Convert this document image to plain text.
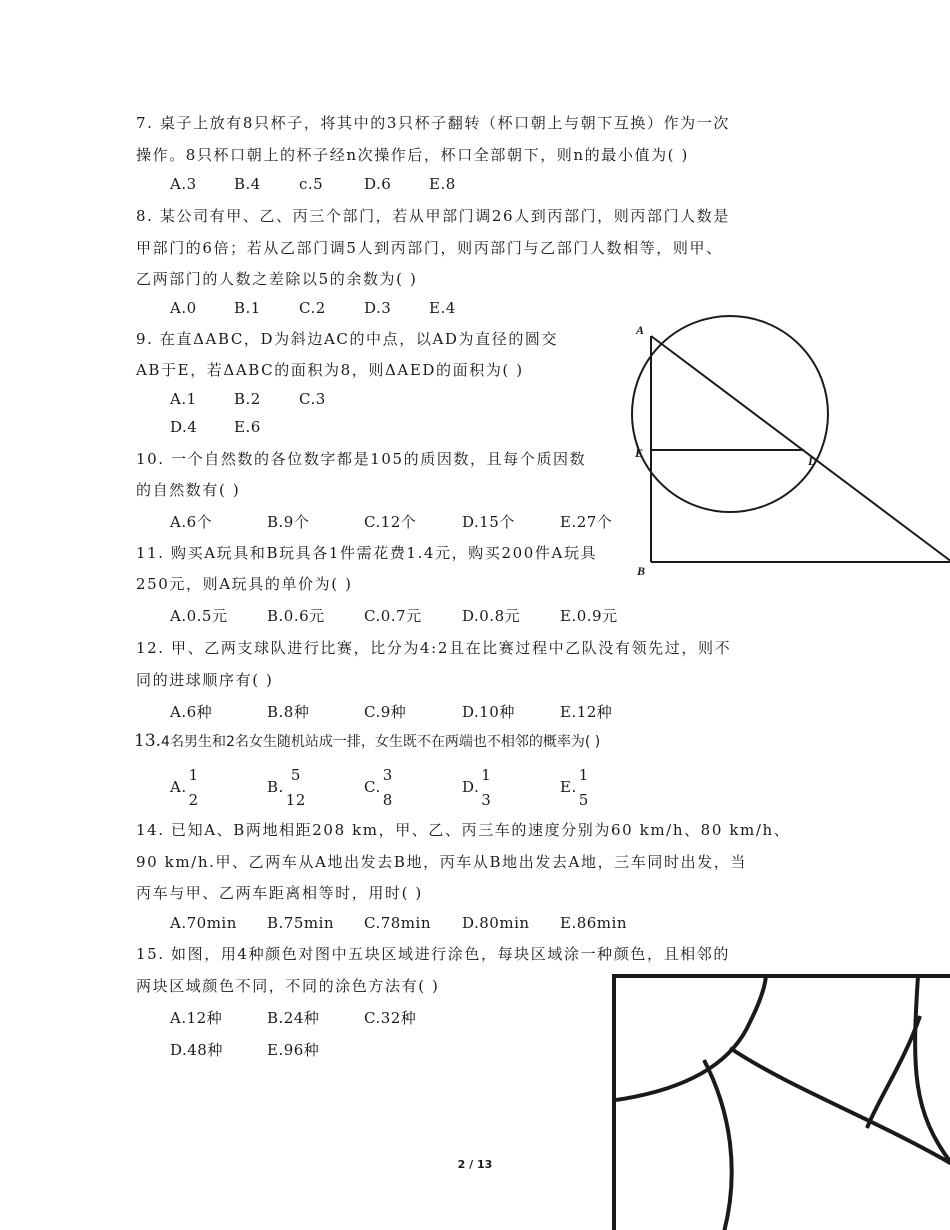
7. 桌子上放有8只杯子，将其中的3只杯子翻转（杯口朝上与朝下互换）作为一次
操作。8只杯口朝上的杯子经n次操作后，杯口全部朝下，则n的最小值为( )
A.3 B.4	c.5	D.6	E.8
8. 某公司有甲、乙、丙三个部门，若从甲部门调26人到丙部门，则丙部门人数是
甲部门的6倍；若从乙部门调5人到丙部门，则丙部门与乙部门人数相等，则甲、
乙两部门的人数之差除以5的余数为( )
A.0 B.1	C.2	D.3	E.4
9. 在直ΔABC，D为斜边AC的中点，以AD为直径的圆交
AB于E，若ΔABC的面积为8，则ΔAED的面积为( )
A.1 B.2	C.3
D.4 E.6
10. 一个自然数的各位数字都是105的质因数，且每个质因数
的自然数有( )
A.6个	B.9个	C.12个	D.15个	E.27个
11. 购买A玩具和B玩具各1件需花费1.4元，购买200件A玩具
250元，则A玩具的单价为( )
A.0.5元	B.0.6元	C.0.7元	D.0.8元	E.0.9元
A
E
D
B
12. 甲、乙两支球队进行比赛，比分为4:2且在比赛过程中乙队没有领先过，则不
同的进球顺序有( )
A.6种	B.8种	C.9种	D.10种	E.12种
13.4名男生和2名女生随机站成一排，女生既不在两端也不相邻的概率为( )
A.
1
2
B.
5
12
C.
3
8
D.
1
3
E.
1
5
14. 已知A、B两地相距208 km，甲、乙、丙三车的速度分别为60 km/h、80 km/h、
90 km/h.甲、乙两车从A地出发去B地，丙车从B地出发去A地，三车同时出发，当
丙车与甲、乙两车距离相等时，用时( )
A.70min B.75min C.78min D.80min E.86min
15. 如图，用4种颜色对图中五块区域进行涂色，每块区域涂一种颜色，且相邻的
两块区域颜色不同，不同的涂色方法有( )
A.12种	B.24种	C.32种
D.48种	E.96种
2 / 13
